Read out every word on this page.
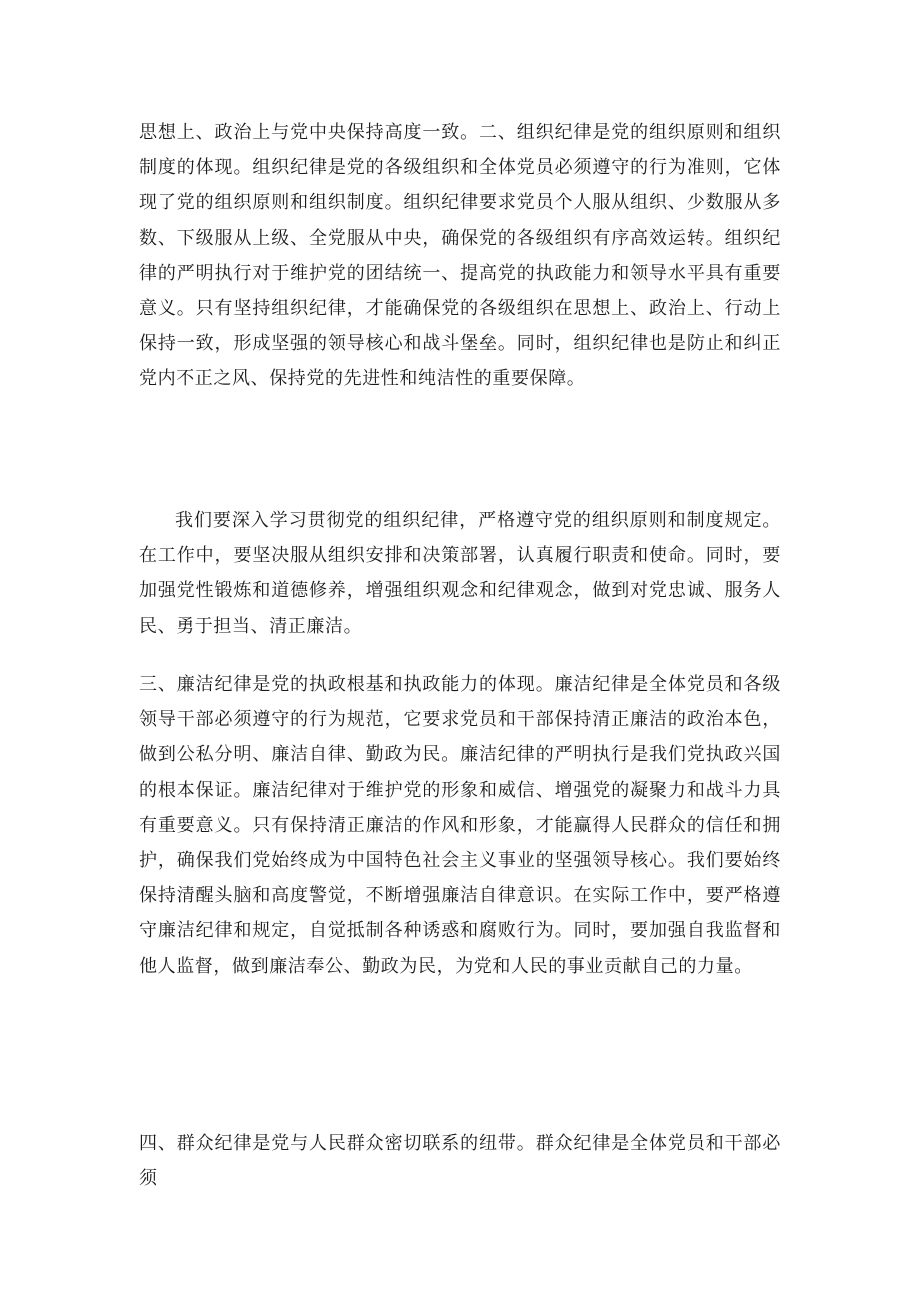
思想上、政治上与党中央保持高度一致。二、组织纪律是党的组织原则和组织制度的体现。组织纪律是党的各级组织和全体党员必须遵守的行为准则，它体现了党的组织原则和组织制度。组织纪律要求党员个人服从组织、少数服从多数、下级服从上级、全党服从中央，确保党的各级组织有序高效运转。组织纪律的严明执行对于维护党的团结统一、提高党的执政能力和领导水平具有重要意义。只有坚持组织纪律，才能确保党的各级组织在思想上、政治上、行动上保持一致，形成坚强的领导核心和战斗堡垒。同时，组织纪律也是防止和纠正党内不正之风、保持党的先进性和纯洁性的重要保障。

我们要深入学习贯彻党的组织纪律，严格遵守党的组织原则和制度规定。在工作中，要坚决服从组织安排和决策部署，认真履行职责和使命。同时，要加强党性锻炼和道德修养，增强组织观念和纪律观念，做到对党忠诚、服务人民、勇于担当、清正廉洁。

三、廉洁纪律是党的执政根基和执政能力的体现。廉洁纪律是全体党员和各级领导干部必须遵守的行为规范，它要求党员和干部保持清正廉洁的政治本色，做到公私分明、廉洁自律、勤政为民。廉洁纪律的严明执行是我们党执政兴国的根本保证。廉洁纪律对于维护党的形象和威信、增强党的凝聚力和战斗力具有重要意义。只有保持清正廉洁的作风和形象，才能赢得人民群众的信任和拥护，确保我们党始终成为中国特色社会主义事业的坚强领导核心。我们要始终保持清醒头脑和高度警觉，不断增强廉洁自律意识。在实际工作中，要严格遵守廉洁纪律和规定，自觉抵制各种诱惑和腐败行为。同时，要加强自我监督和他人监督，做到廉洁奉公、勤政为民，为党和人民的事业贡献自己的力量。

四、群众纪律是党与人民群众密切联系的纽带。群众纪律是全体党员和干部必须
